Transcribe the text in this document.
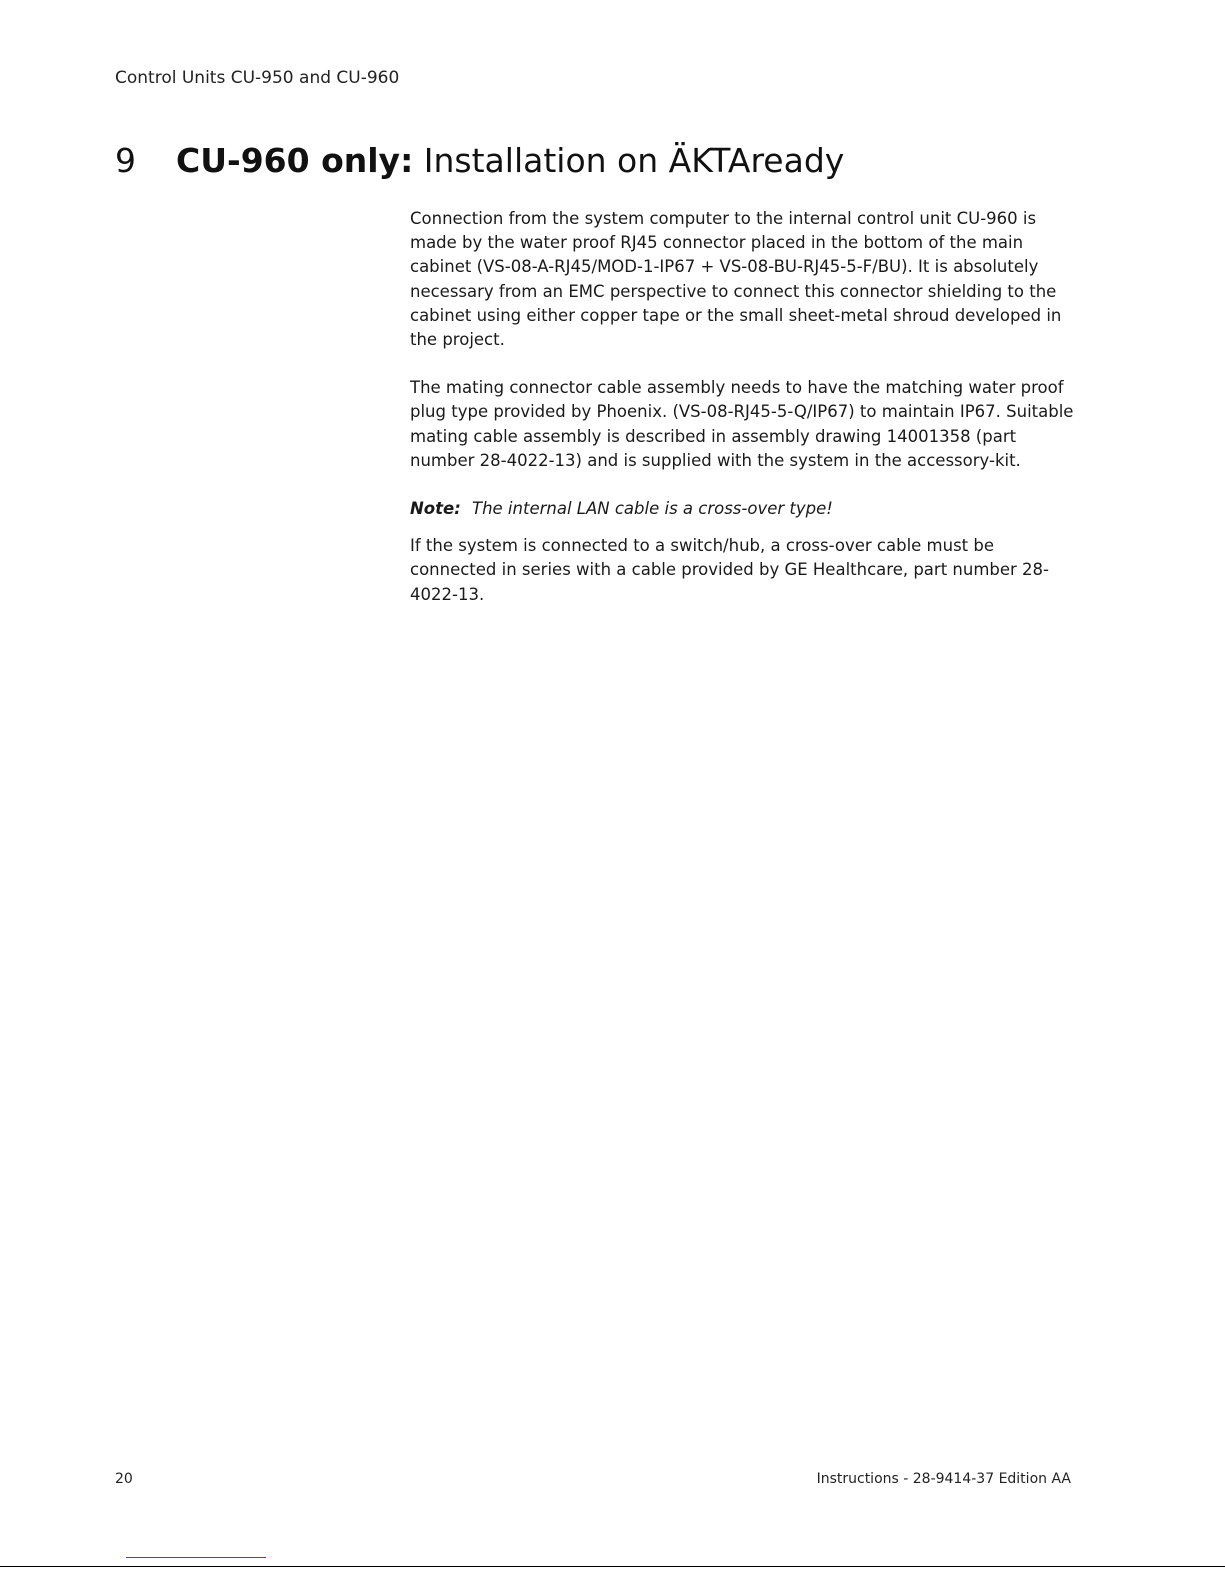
Control Units CU-950 and CU-960
9 CU-960 only: Installation on ÄKTAready

Connection from the system computer to the internal control unit CU-960 is made by the water proof RJ45 connector placed in the bottom of the main cabinet (VS-08-A-RJ45/MOD-1-IP67 + VS-08-BU-RJ45-5-F/BU). It is absolutely necessary from an EMC perspective to connect this connector shielding to the cabinet using either copper tape or the small sheet-metal shroud developed in the project.

The mating connector cable assembly needs to have the matching water proof plug type provided by Phoenix. (VS-08-RJ45-5-Q/IP67) to maintain IP67. Suitable mating cable assembly is described in assembly drawing 14001358 (part number 28-4022-13) and is supplied with the system in the accessory-kit.

Note: The internal LAN cable is a cross-over type!

If the system is connected to a switch/hub, a cross-over cable must be connected in series with a cable provided by GE Healthcare, part number 28-4022-13.

20	Instructions - 28-9414-37 Edition AA
